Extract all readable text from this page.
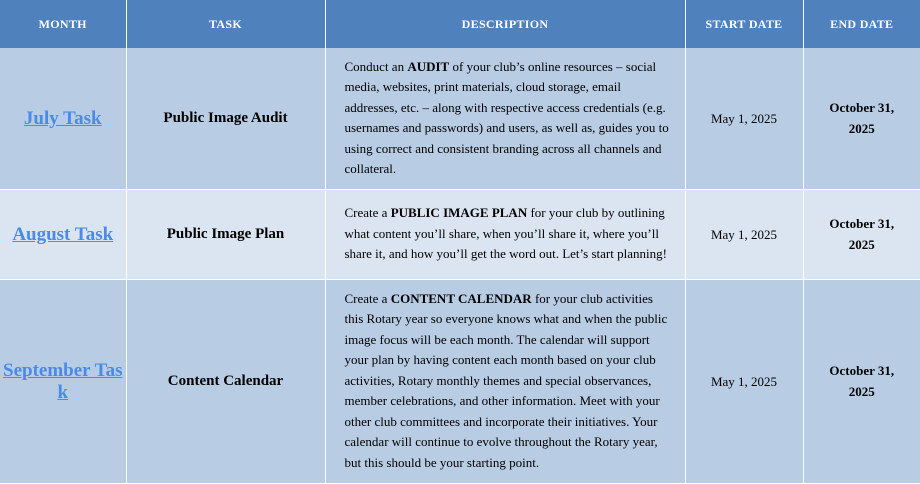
MONTH	TASK	DESCRIPTION	START DATE	END DATE
July Task	Public Image Audit	Conduct an AUDIT of your club’s online resources – social media, websites, print materials, cloud storage, email addresses, etc. – along with respective access credentials (e.g. usernames and passwords) and users, as well as, guides you to using correct and consistent branding across all channels and collateral.	May 1, 2025	October 31, 2025
August Task	Public Image Plan	Create a PUBLIC IMAGE PLAN for your club by outlining what content you’ll share, when you’ll share it, where you’ll share it, and how you’ll get the word out. Let’s start planning!	May 1, 2025	October 31, 2025
September Task	Content Calendar	Create a CONTENT CALENDAR for your club activities this Rotary year so everyone knows what and when the public image focus will be each month. The calendar will support your plan by having content each month based on your club activities, Rotary monthly themes and special observances, member celebrations, and other information. Meet with your other club committees and incorporate their initiatives. Your calendar will continue to evolve throughout the Rotary year, but this should be your starting point.	May 1, 2025	October 31, 2025
